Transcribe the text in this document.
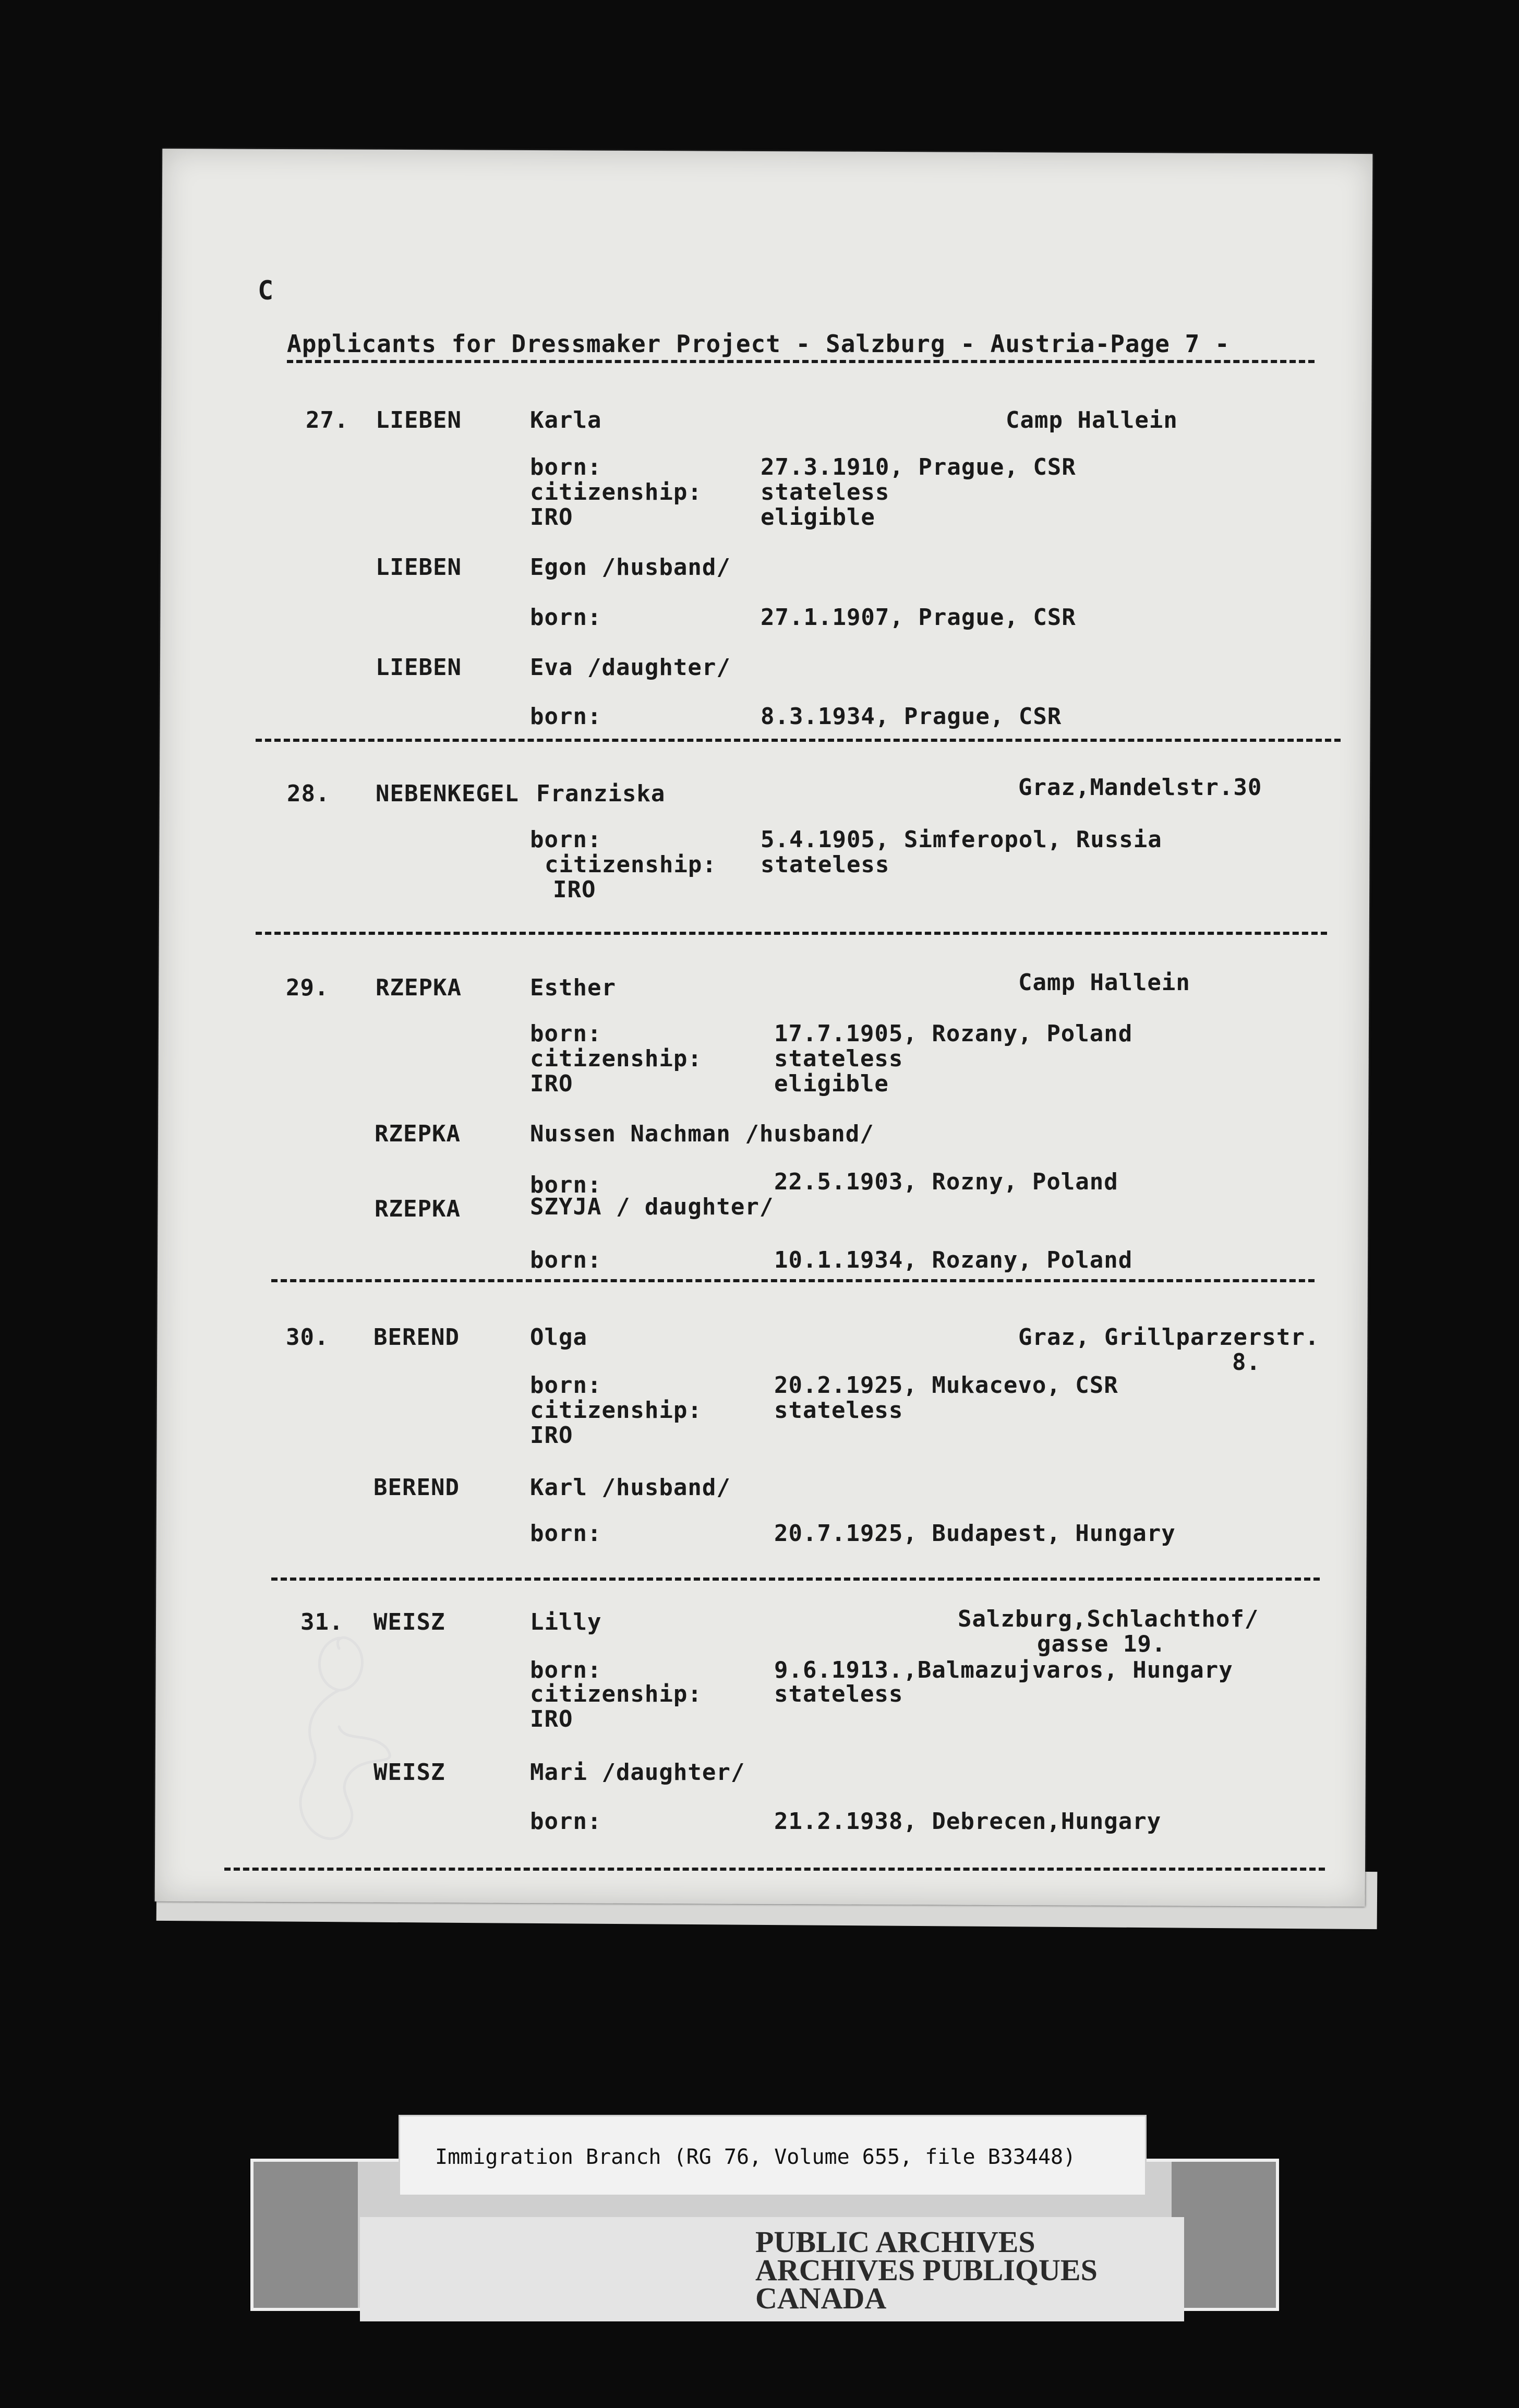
C
Applicants for Dressmaker Project - Salzburg - Austria-Page 7 -
27. LIEBEN	Karla	Camp Hallein
born:	27.3.1910, Prague, CSR
citizenship:	stateless
IRO	eligible
LIEBEN	Egon /husband/
born:	27.1.1907, Prague, CSR
LIEBEN	Eva /daughter/
born:	8.3.1934, Prague, CSR
28. NEBENKEGEL Franziska	Graz,Mandelstr.30
born:	5.4.1905, Simferopol, Russia
citizenship: stateless
IRO
29. RZEPKA	Esther	Camp Hallein
born:	17.7.1905, Rozany, Poland
citizenship:	stateless
IRO	eligible
RZEPKA	Nussen Nachman /husband/
born:	22.5.1903, Rozny, Poland
RZEPKA	SZYJA / daughter/
born:	10.1.1934, Rozany, Poland
30. BEREND	Olga	Graz, Grillparzerstr.
8.
born:	20.2.1925, Mukacevo, CSR
citizenship:	stateless
IRO
BEREND	Karl /husband/
born:	20.7.1925, Budapest, Hungary
31. WEISZ	Lilly	Salzburg,Schlachthof/
gasse 19.
born:	9.6.1913.,Balmazujvaros, Hungary
citizenship:	stateless
IRO
WEISZ	Mari /daughter/
born:	21.2.1938, Debrecen,Hungary
Immigration Branch (RG 76, Volume 655, file B33448)
